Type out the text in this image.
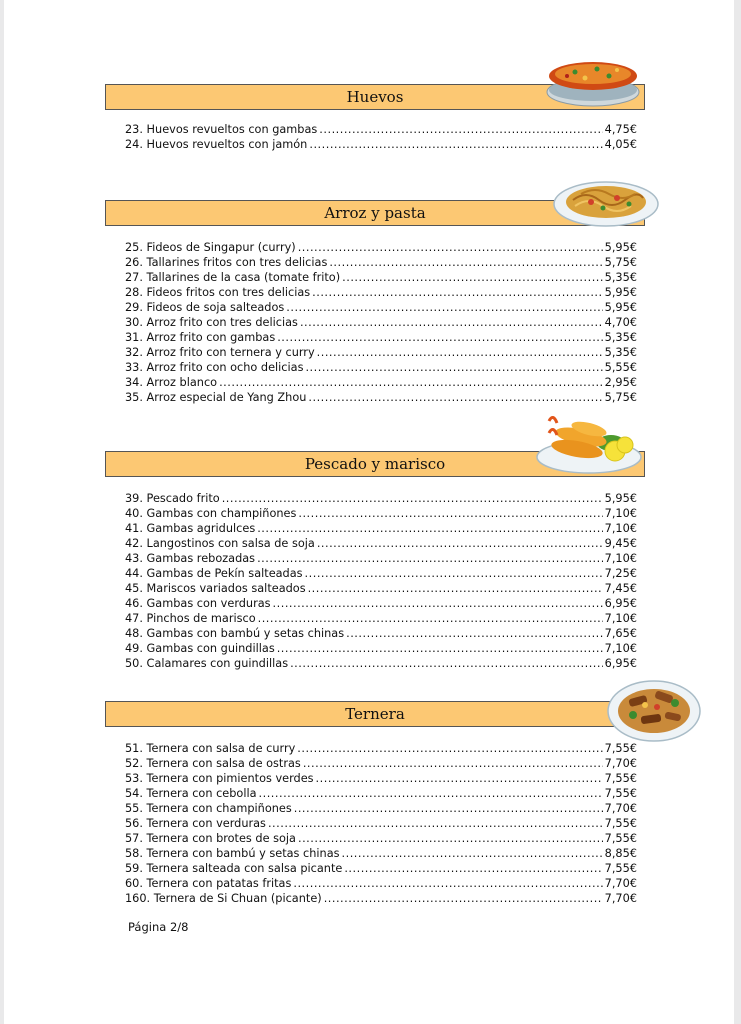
Huevos
23. Huevos revueltos con gambas .....	4,75€
24. Huevos revueltos con jamón .....	4,05€
Arroz y pasta
25. Fideos de Singapur (curry) .....	5,95€
26. Tallarines fritos con tres delicias .....	5,75€
27. Tallarines de la casa (tomate frito) .....	5,35€
28. Fideos fritos con tres delicias .....	5,95€
29. Fideos de soja salteados .....	5,95€
30. Arroz frito con tres delicias .....	4,70€
31. Arroz frito con gambas .....	5,35€
32. Arroz frito con ternera y curry .....	5,35€
33. Arroz frito con ocho delicias .....	5,55€
34. Arroz blanco .....	2,95€
35. Arroz especial de Yang Zhou .....	5,75€
Pescado y marisco
39. Pescado frito .....	5,95€
40. Gambas con champiñones .....	7,10€
41. Gambas agridulces .....	7,10€
42. Langostinos con salsa de soja .....	9,45€
43. Gambas rebozadas .....	7,10€
44. Gambas de Pekín salteadas .....	7,25€
45. Mariscos variados salteados .....	7,45€
46. Gambas con verduras .....	6,95€
47. Pinchos de marisco .....	7,10€
48. Gambas con bambú y setas chinas .....	7,65€
49. Gambas con guindillas .....	7,10€
50. Calamares con guindillas .....	6,95€
Ternera
51. Ternera con salsa de curry .....	7,55€
52. Ternera con salsa de ostras .....	7,70€
53. Ternera con pimientos verdes .....	7,55€
54. Ternera con cebolla .....	7,55€
55. Ternera con champiñones .....	7,70€
56. Ternera con verduras .....	7,55€
57. Ternera con brotes de soja .....	7,55€
58. Ternera con bambú y setas chinas .....	8,85€
59. Ternera salteada con salsa picante .....	7,55€
60. Ternera con patatas fritas .....	7,70€
160. Ternera de Si Chuan (picante) .....	7,70€
Página 2/8
